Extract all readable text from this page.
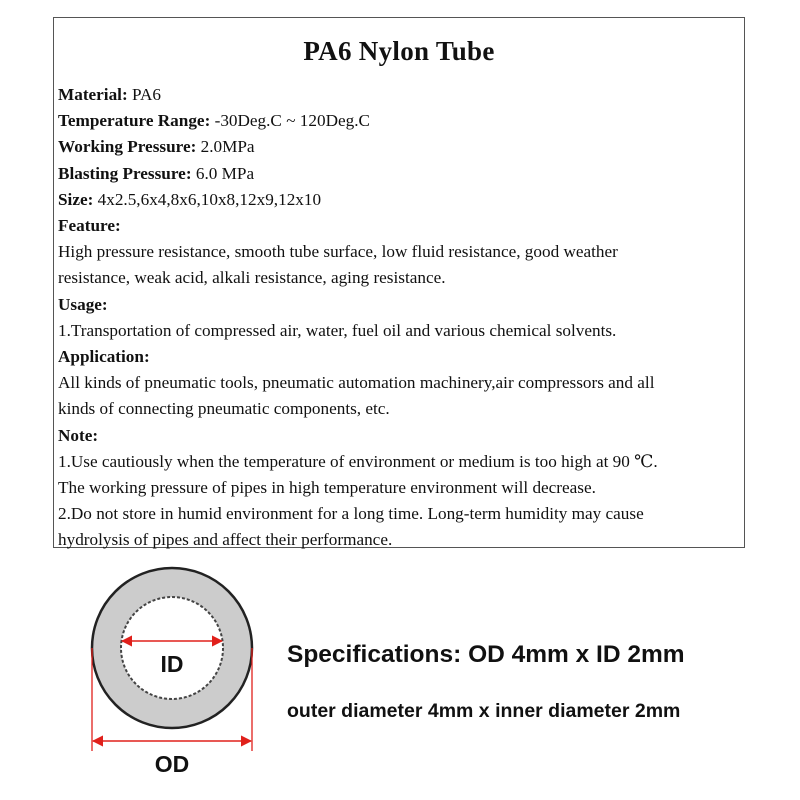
PA6 Nylon Tube
Material: PA6
Temperature Range: -30Deg.C ~ 120Deg.C
Working Pressure: 2.0MPa
Blasting Pressure: 6.0 MPa
Size: 4x2.5,6x4,8x6,10x8,12x9,12x10
Feature:
High pressure resistance, smooth tube surface, low fluid resistance, good weather
resistance, weak acid, alkali resistance, aging resistance.
Usage:
1.Transportation of compressed air, water, fuel oil and various chemical solvents.
Application:
All kinds of pneumatic tools, pneumatic automation machinery,air compressors and all
kinds of connecting pneumatic components, etc.
Note:
1.Use cautiously when the temperature of environment or medium is too high at 90 ℃.
The working pressure of pipes in high temperature environment will decrease.
2.Do not store in humid environment for a long time. Long-term humidity may cause
hydrolysis of pipes and affect their performance.
ID
OD
Specifications: OD 4mm x ID 2mm
outer diameter 4mm x inner diameter 2mm
